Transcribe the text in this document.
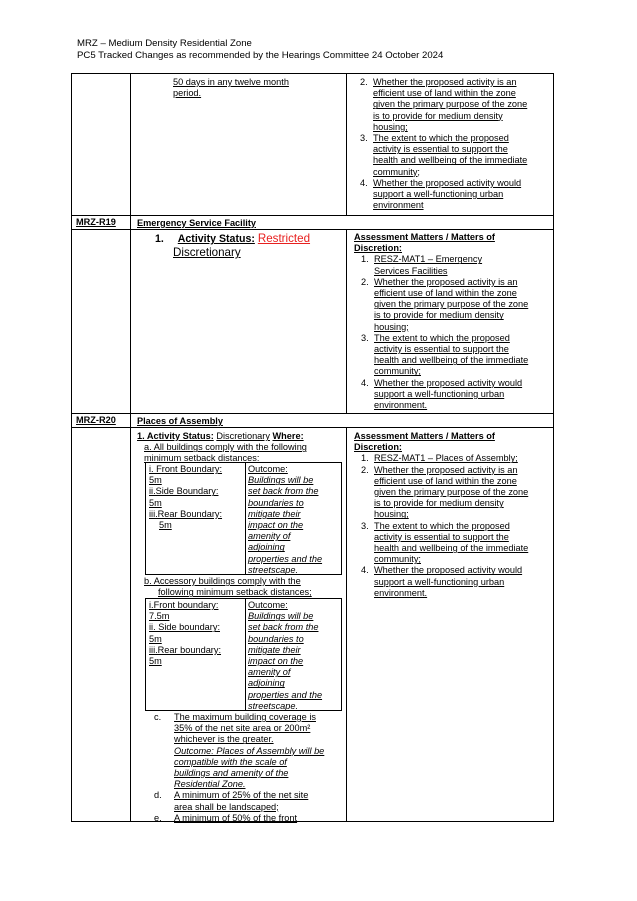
MRZ – Medium Density Residential Zone
PC5 Tracked Changes as recommended by the Hearings Committee 24 October 2024
50 days in any twelve month
period.
2. Whether the proposed activity is an
efficient use of land within the zone
given the primary purpose of the zone
is to provide for medium density
housing;
3. The extent to which the proposed
activity is essential to support the
health and wellbeing of the immediate
community;
4. Whether the proposed activity would
support a well-functioning urban
environment
MRZ-R19 Emergency Service Facility
1. Activity Status: Restricted
Discretionary
Assessment Matters / Matters of
Discretion:
1. RESZ-MAT1 – Emergency
Services Facilities
2. Whether the proposed activity is an
efficient use of land within the zone
given the primary purpose of the zone
is to provide for medium density
housing;
3. The extent to which the proposed
activity is essential to support the
health and wellbeing of the immediate
community;
4. Whether the proposed activity would
support a well-functioning urban
environment.
MRZ-R20 Places of Assembly
1. Activity Status: Discretionary Where:
a. All buildings comply with the following
minimum setback distances:
i. Front Boundary:
5m
ii.Side Boundary:
5m
iii.Rear Boundary:
5m
Outcome:
Buildings will be
set back from the
boundaries to
mitigate their
impact on the
amenity of
adjoining
properties and the
streetscape.
b. Accessory buildings comply with the
following minimum setback distances;
i.Front boundary:
7.5m
ii. Side boundary:
5m
iii.Rear boundary:
5m
Outcome:
Buildings will be
set back from the
boundaries to
mitigate their
impact on the
amenity of
adjoining
properties and the
streetscape.
c. The maximum building coverage is
35% of the net site area or 200m²
whichever is the greater.
Outcome: Places of Assembly will be
compatible with the scale of
buildings and amenity of the
Residential Zone.
d. A minimum of 25% of the net site
area shall be landscaped;
e. A minimum of 50% of the front
Assessment Matters / Matters of
Discretion:
1. RESZ-MAT1 – Places of Assembly;
2. Whether the proposed activity is an
efficient use of land within the zone
given the primary purpose of the zone
is to provide for medium density
housing;
3. The extent to which the proposed
activity is essential to support the
health and wellbeing of the immediate
community;
4. Whether the proposed activity would
support a well-functioning urban
environment.
